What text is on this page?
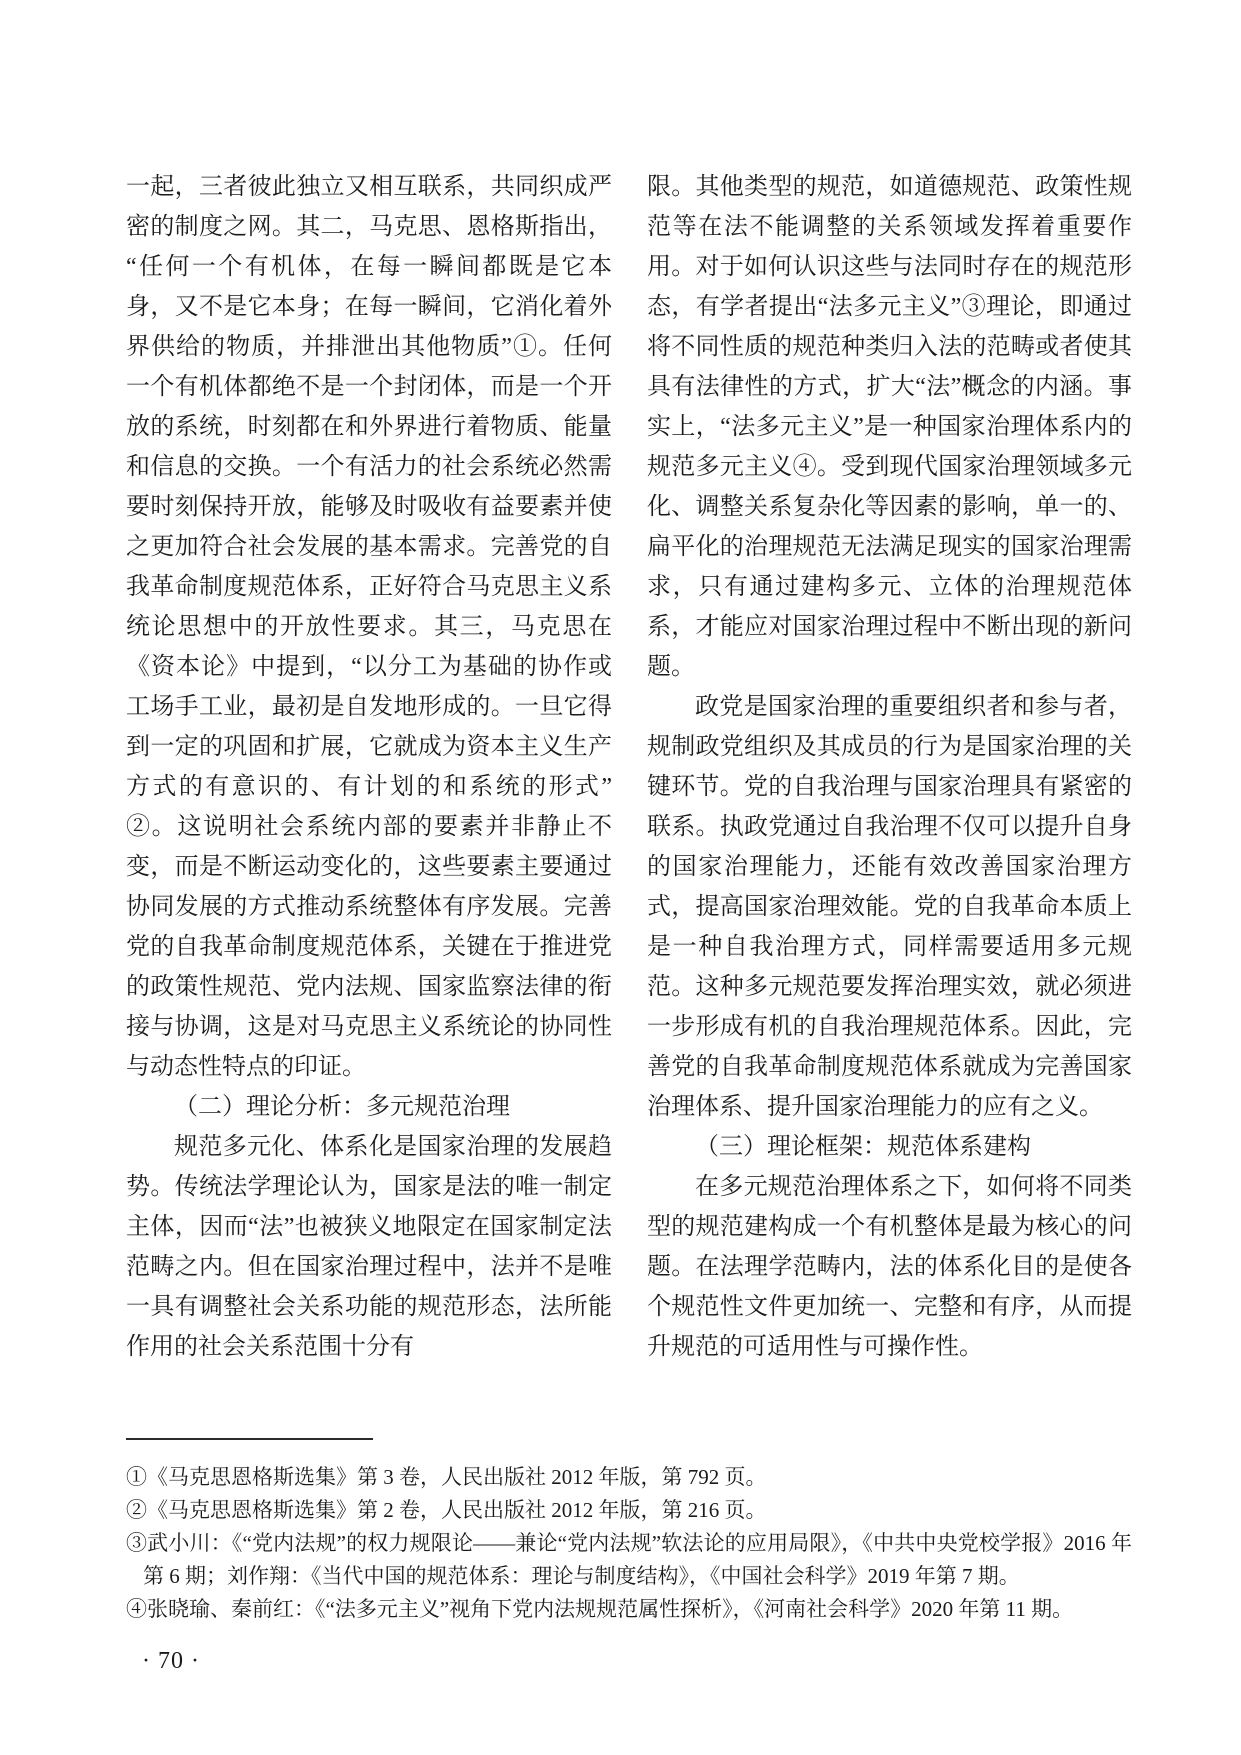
一起，三者彼此独立又相互联系，共同织成严密的制度之网。其二，马克思、恩格斯指出，“任何一个有机体，在每一瞬间都既是它本身，又不是它本身；在每一瞬间，它消化着外界供给的物质，并排泄出其他物质”①。任何一个有机体都绝不是一个封闭体，而是一个开放的系统，时刻都在和外界进行着物质、能量和信息的交换。一个有活力的社会系统必然需要时刻保持开放，能够及时吸收有益要素并使之更加符合社会发展的基本需求。完善党的自我革命制度规范体系，正好符合马克思主义系统论思想中的开放性要求。其三，马克思在《资本论》中提到，“以分工为基础的协作或工场手工业，最初是自发地形成的。一旦它得到一定的巩固和扩展，它就成为资本主义生产方式的有意识的、有计划的和系统的形式”②。这说明社会系统内部的要素并非静止不变，而是不断运动变化的，这些要素主要通过协同发展的方式推动系统整体有序发展。完善党的自我革命制度规范体系，关键在于推进党的政策性规范、党内法规、国家监察法律的衔接与协调，这是对马克思主义系统论的协同性与动态性特点的印证。

（二）理论分析：多元规范治理

规范多元化、体系化是国家治理的发展趋势。传统法学理论认为，国家是法的唯一制定主体，因而“法”也被狭义地限定在国家制定法范畴之内。但在国家治理过程中，法并不是唯一具有调整社会关系功能的规范形态，法所能作用的社会关系范围十分有

限。其他类型的规范，如道德规范、政策性规范等在法不能调整的关系领域发挥着重要作用。对于如何认识这些与法同时存在的规范形态，有学者提出“法多元主义”③理论，即通过将不同性质的规范种类归入法的范畴或者使其具有法律性的方式，扩大“法”概念的内涵。事实上，“法多元主义”是一种国家治理体系内的规范多元主义④。受到现代国家治理领域多元化、调整关系复杂化等因素的影响，单一的、扁平化的治理规范无法满足现实的国家治理需求，只有通过建构多元、立体的治理规范体系，才能应对国家治理过程中不断出现的新问题。

政党是国家治理的重要组织者和参与者，规制政党组织及其成员的行为是国家治理的关键环节。党的自我治理与国家治理具有紧密的联系。执政党通过自我治理不仅可以提升自身的国家治理能力，还能有效改善国家治理方式，提高国家治理效能。党的自我革命本质上是一种自我治理方式，同样需要适用多元规范。这种多元规范要发挥治理实效，就必须进一步形成有机的自我治理规范体系。因此，完善党的自我革命制度规范体系就成为完善国家治理体系、提升国家治理能力的应有之义。

（三）理论框架：规范体系建构

在多元规范治理体系之下，如何将不同类型的规范建构成一个有机整体是最为核心的问题。在法理学范畴内，法的体系化目的是使各个规范性文件更加统一、完整和有序，从而提升规范的可适用性与可操作性。

①《马克思恩格斯选集》第 3 卷，人民出版社 2012 年版，第 792 页。

②《马克思恩格斯选集》第 2 卷，人民出版社 2012 年版，第 216 页。

③武小川：《“党内法规”的权力规限论——兼论“党内法规”软法论的应用局限》，《中共中央党校学报》2016 年第 6 期；刘作翔：《当代中国的规范体系：理论与制度结构》，《中国社会科学》2019 年第 7 期。

④张晓瑜、秦前红：《“法多元主义”视角下党内法规规范属性探析》，《河南社会科学》2020 年第 11 期。

· 70 ·
